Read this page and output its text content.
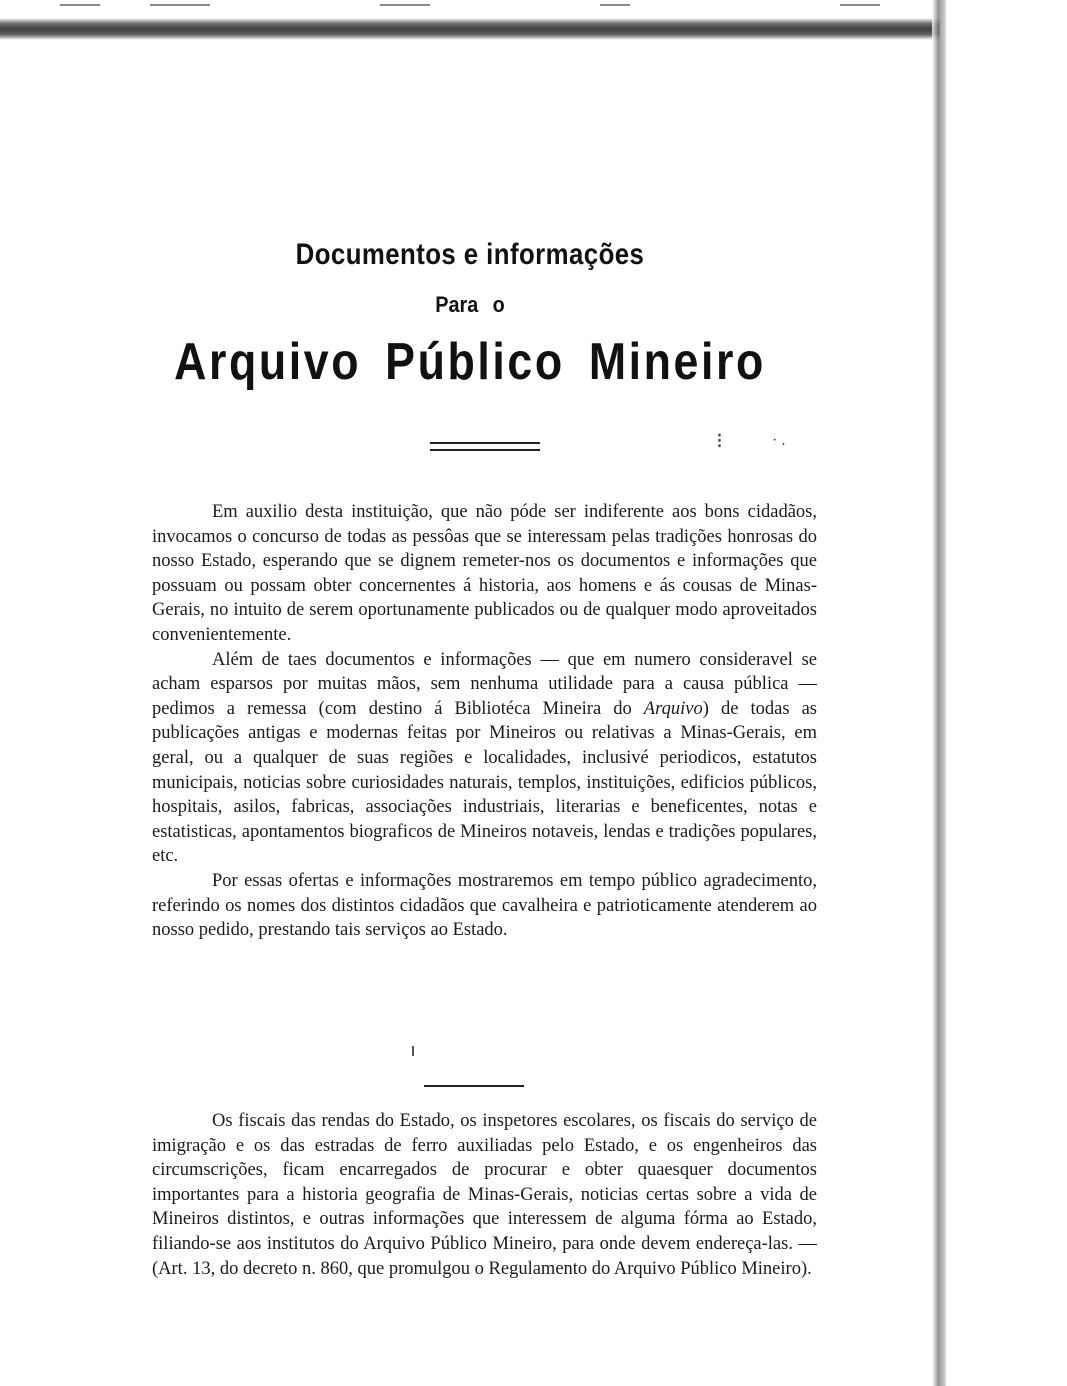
Documentos e informações
Para o
Arquivo Público Mineiro
⁝	· .

Em auxilio desta instituição, que não póde ser indiferente aos bons cidadãos, invocamos o concurso de todas as pessôas que se interessam pelas tradições honrosas do nosso Estado, esperando que se dignem remeter-nos os documentos e informações que possuam ou possam obter concernentes á historia, aos homens e ás cousas de Minas-Gerais, no intuito de serem oportunamente publicados ou de qualquer modo aproveitados convenientemente.

Além de taes documentos e informações — que em numero consideravel se acham esparsos por muitas mãos, sem nenhuma utilidade para a causa pública — pedimos a remessa (com destino á Bibliotéca Mineira do Arquivo) de todas as publicações antigas e modernas feitas por Mineiros ou relativas a Minas-Gerais, em geral, ou a qualquer de suas regiões e localidades, inclusivé periodicos, estatutos municipais, noticias sobre curiosidades naturais, templos, instituições, edificios públicos, hospitais, asilos, fabricas, associações industriais, literarias e beneficentes, notas e estatisticas, apontamentos biograficos de Mineiros notaveis, lendas e tradições populares, etc.

Por essas ofertas e informações mostraremos em tempo público agradecimento, referindo os nomes dos distintos cidadãos que cavalheira e patrioticamente atenderem ao nosso pedido, prestando tais serviços ao Estado.

Os fiscais das rendas do Estado, os inspetores escolares, os fiscais do serviço de imigração e os das estradas de ferro auxiliadas pelo Estado, e os engenheiros das circumscrições, ficam encarregados de procurar e obter quaesquer documentos importantes para a historia geografia de Minas-Gerais, noticias certas sobre a vida de Mineiros distintos, e outras informações que interessem de alguma fórma ao Estado, filiando-se aos institutos do Arquivo Público Mineiro, para onde devem endereça-las. — (Art. 13, do decreto n. 860, que promulgou o Regulamento do Arquivo Público Mineiro).
